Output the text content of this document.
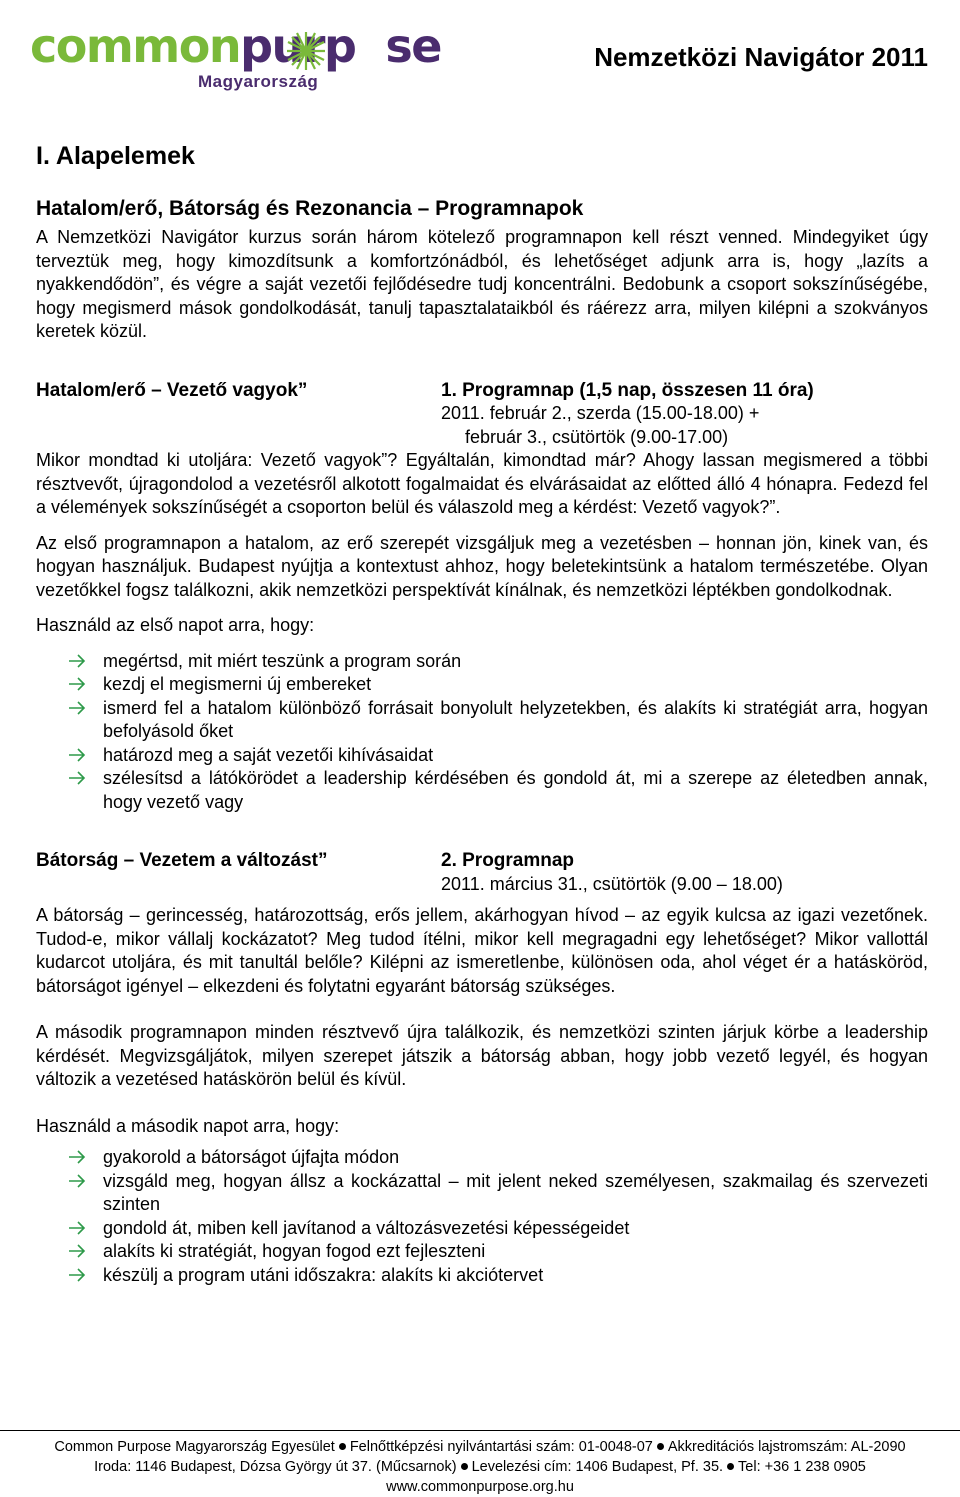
commonpurp se
Magyarország
Nemzetközi Navigátor 2011
I. Alapelemek
Hatalom/erő, Bátorság és Rezonancia – Programnapok

A Nemzetközi Navigátor kurzus során három kötelező programnapon kell részt venned. Mindegyiket úgy terveztük meg, hogy kimozdítsunk a komfortzónádból, és lehetőséget adjunk arra is, hogy „lazíts a nyakkendődön”, és végre a saját vezetői fejlődésedre tudj koncentrálni. Bedobunk a csoport sokszínűségébe, hogy megismerd mások gondolkodását, tanulj tapasztalataikból és ráérezz arra, milyen kilépni a szokványos keretek közül.

Hatalom/erő – Vezető vagyok”	1. Programnap (1,5 nap, összesen 11 óra)
2011. február 2., szerda (15.00-18.00) +
február 3., csütörtök (9.00-17.00)

Mikor mondtad ki utoljára: Vezető vagyok”? Egyáltalán, kimondtad már? Ahogy lassan megismered a többi résztvevőt, újragondolod a vezetésről alkotott fogalmaidat és elvárásaidat az előtted álló 4 hónapra. Fedezd fel a vélemények sokszínűségét a csoporton belül és válaszold meg a kérdést: Vezető vagyok?”.

Az első programnapon a hatalom, az erő szerepét vizsgáljuk meg a vezetésben – honnan jön, kinek van, és hogyan használjuk. Budapest nyújtja a kontextust ahhoz, hogy beletekintsünk a hatalom természetébe. Olyan vezetőkkel fogsz találkozni, akik nemzetközi perspektívát kínálnak, és nemzetközi léptékben gondolkodnak.

Használd az első napot arra, hogy:

megértsd, mit miért teszünk a program során
kezdj el megismerni új embereket
ismerd fel a hatalom különböző forrásait bonyolult helyzetekben, és alakíts ki stratégiát arra, hogyan befolyásold őket
határozd meg a saját vezetői kihívásaidat
szélesítsd a látókörödet a leadership kérdésében és gondold át, mi a szerepe az életedben annak, hogy vezető vagy
Bátorság – Vezetem a változást”	2. Programnap
2011. március 31., csütörtök (9.00 – 18.00)

A bátorság – gerincesség, határozottság, erős jellem, akárhogyan hívod – az egyik kulcsa az igazi vezetőnek. Tudod-e, mikor vállalj kockázatot? Meg tudod ítélni, mikor kell megragadni egy lehetőséget? Mikor vallottál kudarcot utoljára, és mit tanultál belőle? Kilépni az ismeretlenbe, különösen oda, ahol véget ér a hatásköröd, bátorságot igényel – elkezdeni és folytatni egyaránt bátorság szükséges.

A második programnapon minden résztvevő újra találkozik, és nemzetközi szinten járjuk körbe a leadership kérdését. Megvizsgáljátok, milyen szerepet játszik a bátorság abban, hogy jobb vezető legyél, és hogyan változik a vezetésed hatáskörön belül és kívül.

Használd a második napot arra, hogy:

gyakorold a bátorságot újfajta módon
vizsgáld meg, hogyan állsz a kockázattal – mit jelent neked személyesen, szakmailag és szervezeti szinten
gondold át, miben kell javítanod a változásvezetési képességeidet
alakíts ki stratégiát, hogyan fogod ezt fejleszteni
készülj a program utáni időszakra: alakíts ki akciótervet
Common Purpose Magyarország Egyesület Felnőttképzési nyilvántartási szám: 01-0048-07 Akkreditációs lajstromszám: AL-2090
Iroda: 1146 Budapest, Dózsa György út 37. (Műcsarnok) Levelezési cím: 1406 Budapest, Pf. 35. Tel: +36 1 238 0905
www.commonpurpose.org.hu
